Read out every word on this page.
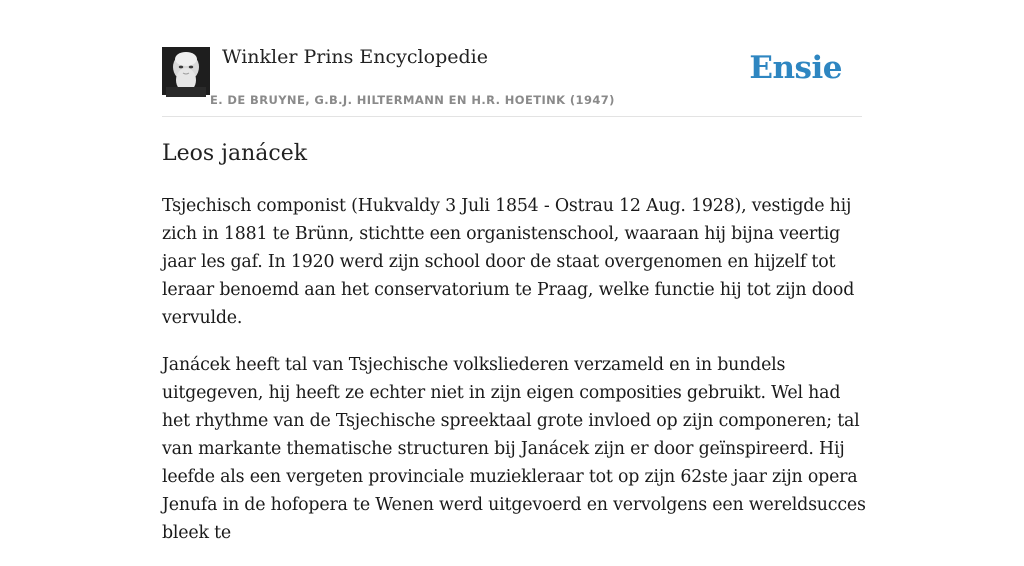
Winkler Prins Encyclopedie
E. DE BRUYNE, G.B.J. HILTERMANN EN H.R. HOETINK (1947)
Ensie
Leos janácek

Tsjechisch componist (Hukvaldy 3 Juli 1854 - Ostrau 12 Aug. 1928), vestigde hij zich in 1881 te Brünn, stichtte een organistenschool, waaraan hij bijna veertig jaar les gaf. In 1920 werd zijn school door de staat overgenomen en hijzelf tot leraar benoemd aan het conservatorium te Praag, welke functie hij tot zijn dood vervulde.

Janácek heeft tal van Tsjechische volksliederen verzameld en in bundels uitgegeven, hij heeft ze echter niet in zijn eigen composities gebruikt. Wel had het rhythme van de Tsjechische spreektaal grote invloed op zijn componeren; tal van markante thematische structuren bij Janácek zijn er door geïnspireerd. Hij leefde als een vergeten provinciale muziekleraar tot op zijn 62ste jaar zijn opera Jenufa in de hofopera te Wenen werd uitgevoerd en vervolgens een wereldsucces bleek te
